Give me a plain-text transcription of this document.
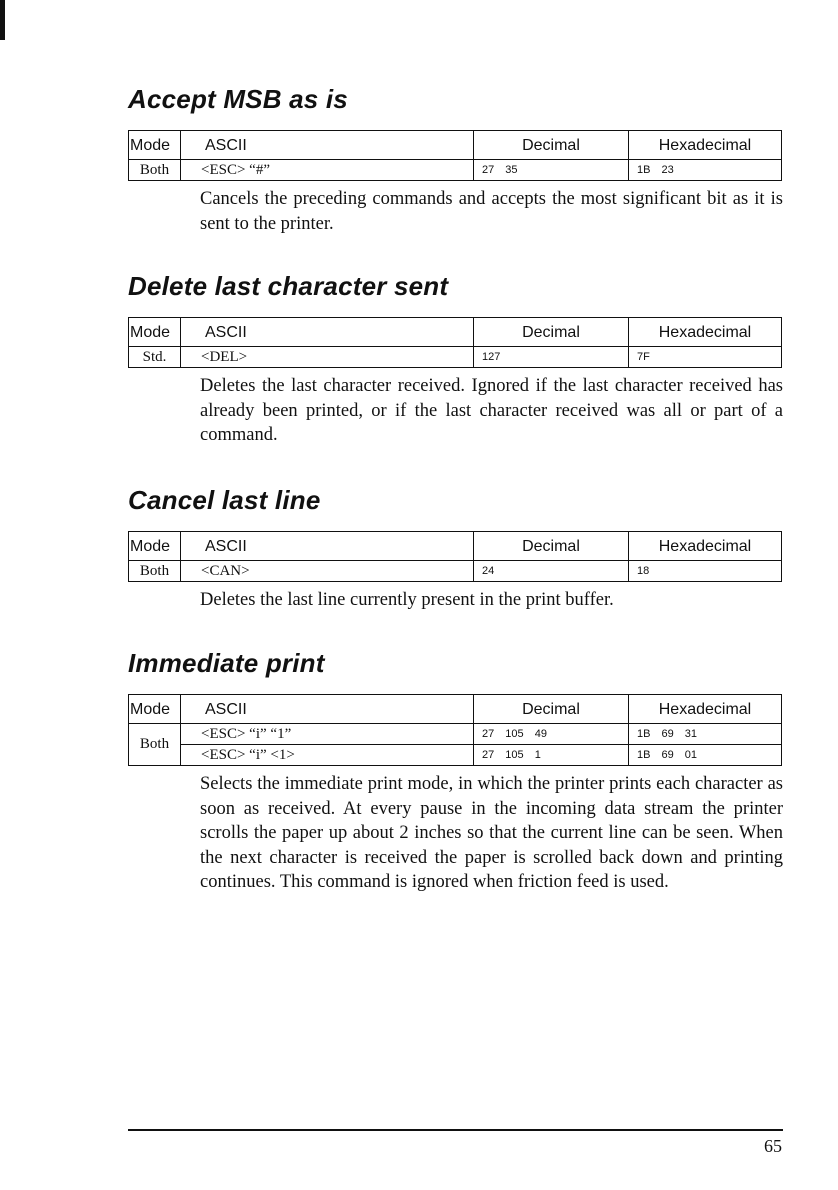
Accept MSB as is
Mode	ASCII	Decimal	Hexadecimal
Both	<ESC> “#”	27 35	1B 23

Cancels the preceding commands and accepts the most significant bit as it is sent to the printer.

Delete last character sent
Mode	ASCII	Decimal	Hexadecimal
Std.	<DEL>	127	7F

Deletes the last character received. Ignored if the last character received has already been printed, or if the last character received was all or part of a command.

Cancel last line
Mode	ASCII	Decimal	Hexadecimal
Both	<CAN>	24	18

Deletes the last line currently present in the print buffer.

Immediate print
Mode	ASCII	Decimal	Hexadecimal
Both	<ESC> “i” “1”	27 105 49	1B 69 31
	<ESC> “i” <1>	27 105 1	1B 69 01

Selects the immediate print mode, in which the printer prints each character as soon as received. At every pause in the incoming data stream the printer scrolls the paper up about 2 inches so that the current line can be seen. When the next character is received the paper is scrolled back down and printing continues. This command is ignored when friction feed is used.

65
